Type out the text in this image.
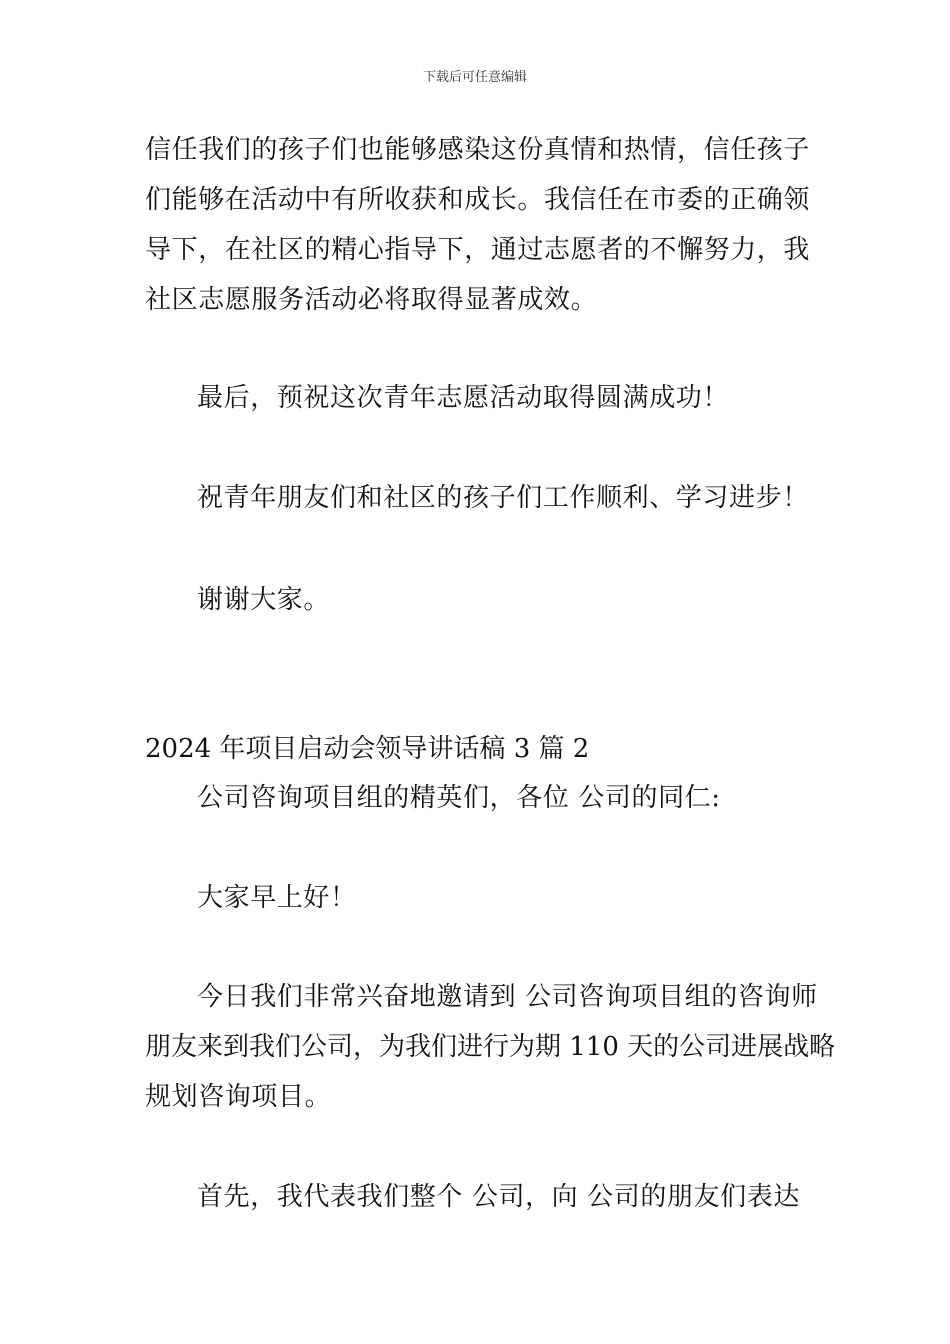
下载后可任意编辑
信任我们的孩子们也能够感染这份真情和热情，信任孩子
们能够在活动中有所收获和成长。我信任在市委的正确领
导下，在社区的精心指导下，通过志愿者的不懈努力，我
社区志愿服务活动必将取得显著成效。
最后，预祝这次青年志愿活动取得圆满成功！
祝青年朋友们和社区的孩子们工作顺利、学习进步！
谢谢大家。
2024 年项目启动会领导讲话稿 3 篇 2
公司咨询项目组的精英们，各位 公司的同仁:
大家早上好！
今日我们非常兴奋地邀请到 公司咨询项目组的咨询师
朋友来到我们公司，为我们进行为期 110 天的公司进展战略
规划咨询项目。
首先，我代表我们整个 公司，向 公司的朋友们表达
